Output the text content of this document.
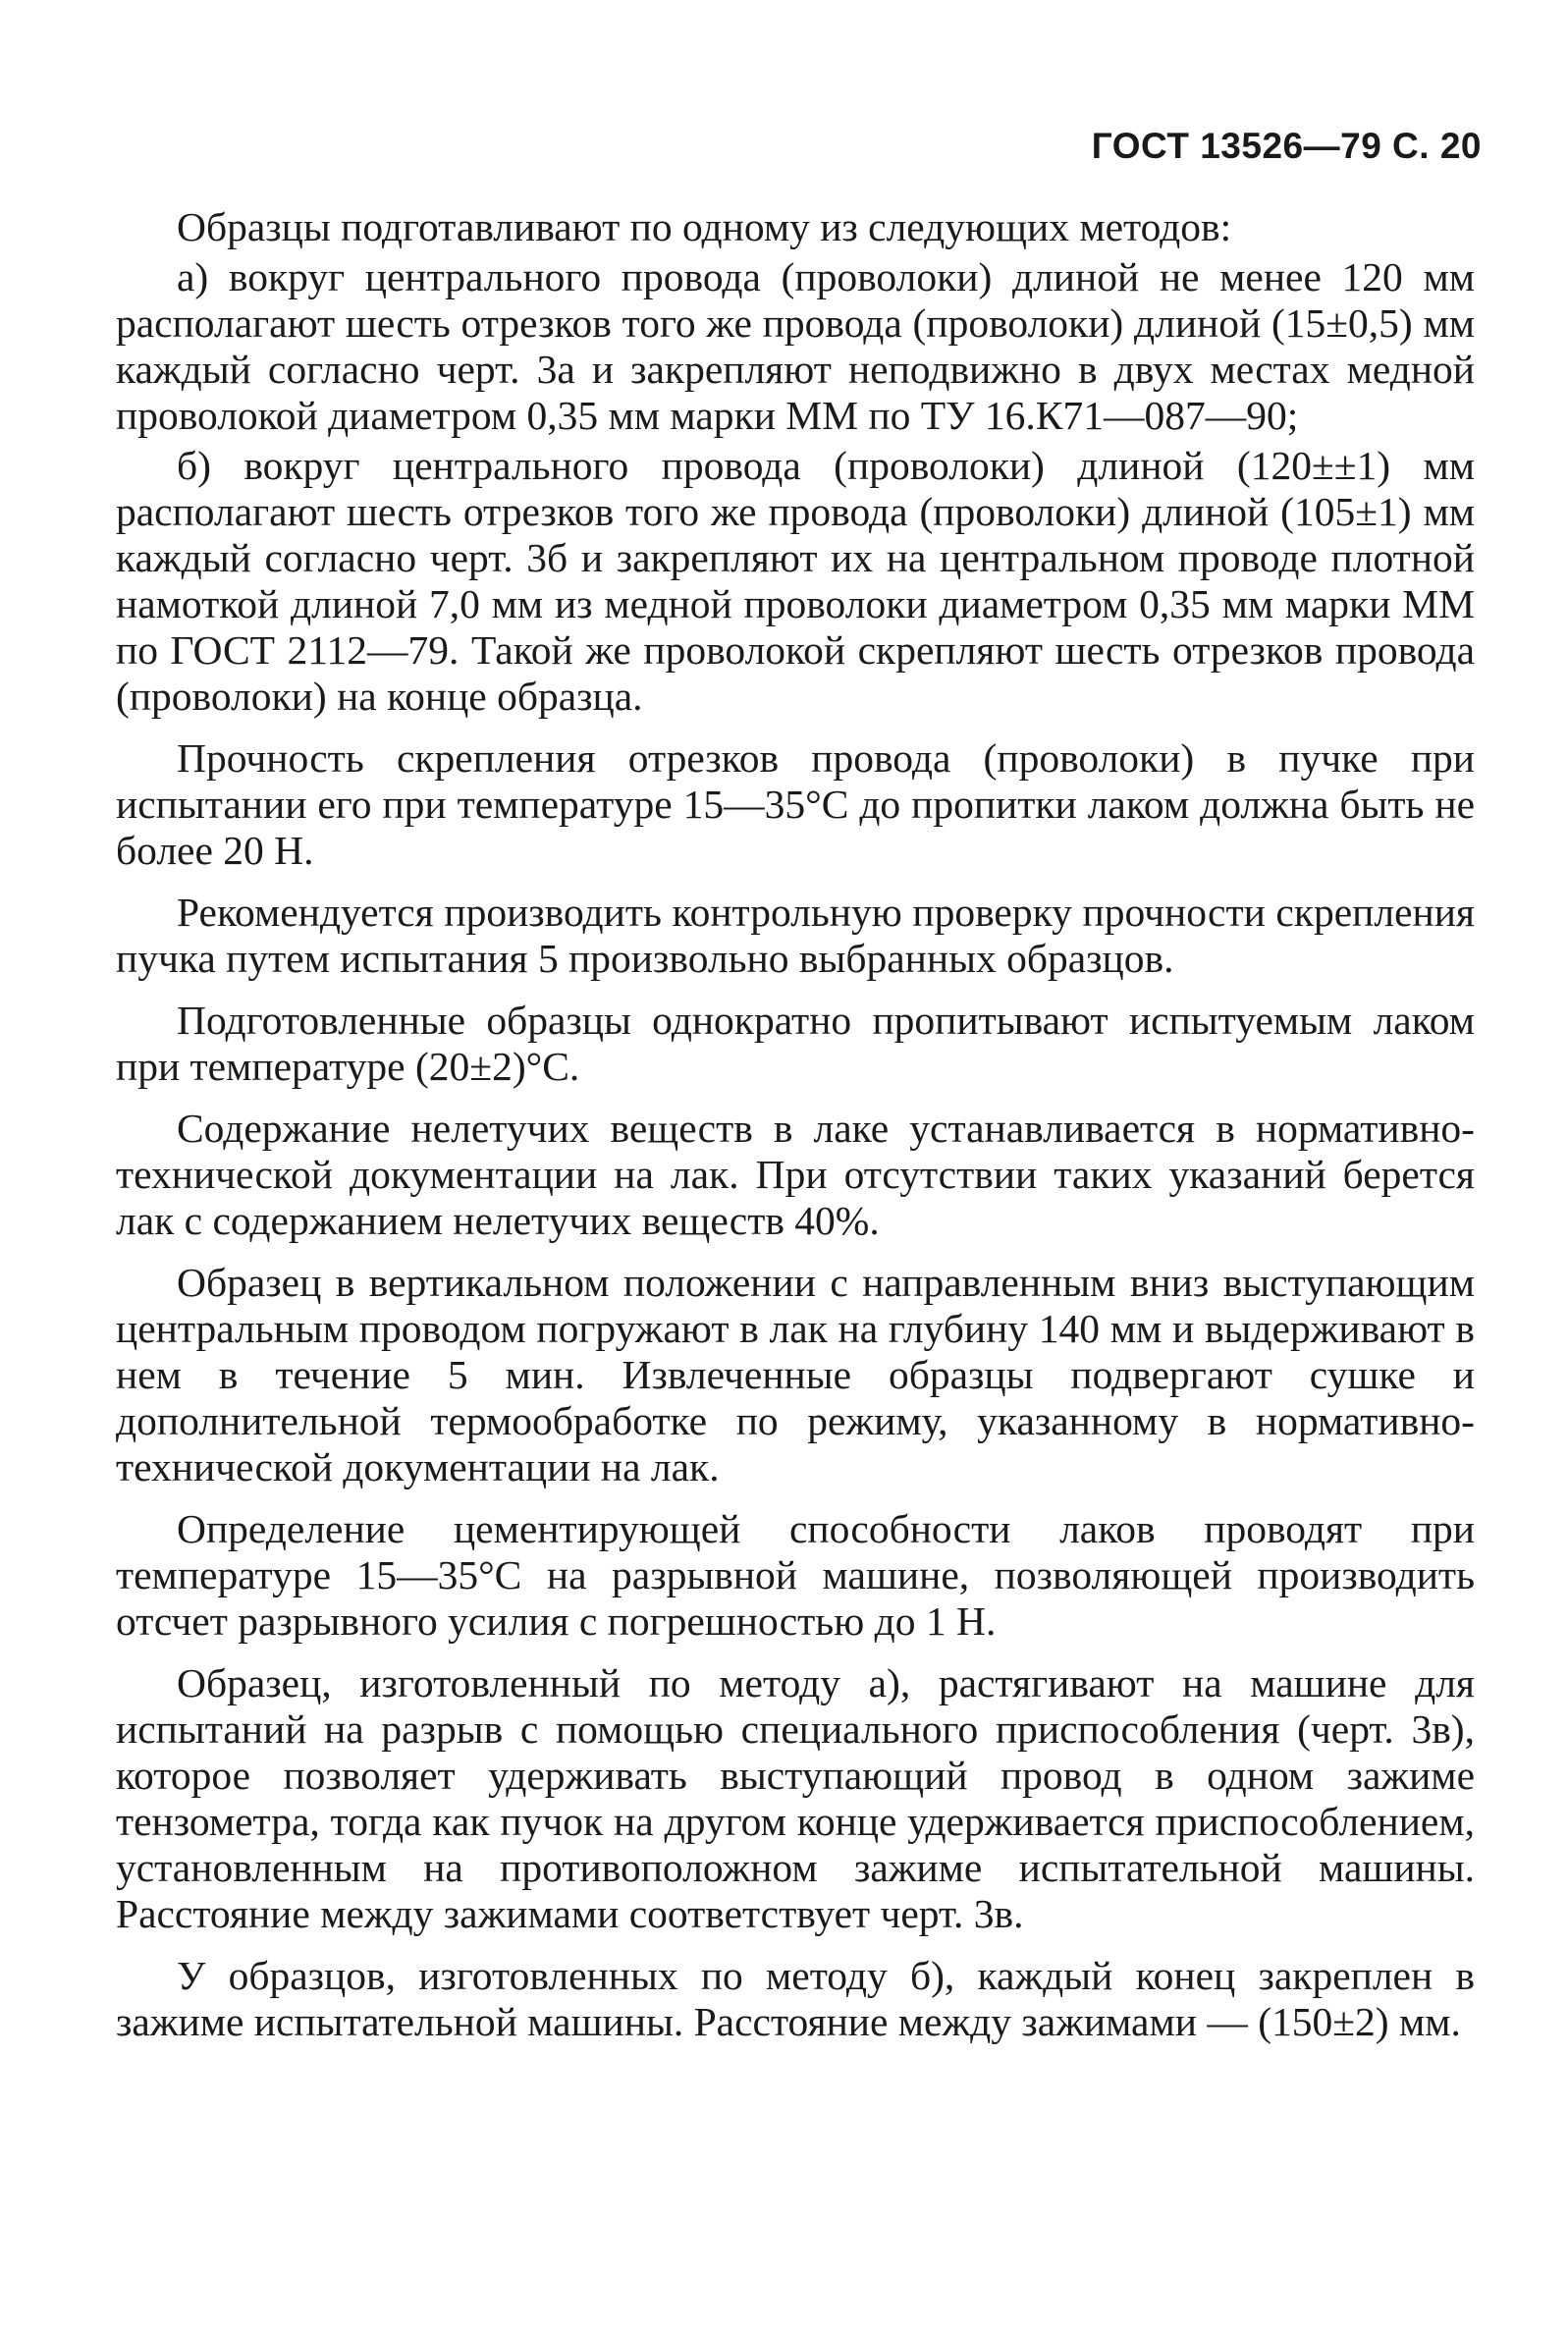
ГОСТ 13526—79 С. 20

Образцы подготавливают по одному из следующих методов:

а) вокруг центрального провода (проволоки) длиной не менее 120 мм располагают шесть отрезков того же провода (проволоки) длиной (15±0,5) мм каждый согласно черт. 3а и закрепляют неподвижно в двух местах медной проволокой диаметром 0,35 мм марки ММ по ТУ 16.К71—087—90;

б) вокруг центрального провода (проволоки) длиной (120±±1) мм располагают шесть отрезков того же провода (проволоки) длиной (105±1) мм каждый согласно черт. 3б и закрепляют их на центральном проводе плотной намоткой длиной 7,0 мм из медной проволоки диаметром 0,35 мм марки ММ по ГОСТ 2112—79. Такой же проволокой скрепляют шесть отрезков провода (проволоки) на конце образца.

Прочность скрепления отрезков провода (проволоки) в пучке при испытании его при температуре 15—35°С до пропитки лаком должна быть не более 20 Н.

Рекомендуется производить контрольную проверку прочности скрепления пучка путем испытания 5 произвольно выбранных образцов.

Подготовленные образцы однократно пропитывают испытуемым лаком при температуре (20±2)°С.

Содержание нелетучих веществ в лаке устанавливается в нормативно-технической документации на лак. При отсутствии таких указаний берется лак с содержанием нелетучих веществ 40%.

Образец в вертикальном положении с направленным вниз выступающим центральным проводом погружают в лак на глубину 140 мм и выдерживают в нем в течение 5 мин. Извлеченные образцы подвергают сушке и дополнительной термообработке по режиму, указанному в нормативно-технической документации на лак.

Определение цементирующей способности лаков проводят при температуре 15—35°С на разрывной машине, позволяющей производить отсчет разрывного усилия с погрешностью до 1 Н.

Образец, изготовленный по методу а), растягивают на машине для испытаний на разрыв с помощью специального приспособления (черт. 3в), которое позволяет удерживать выступающий провод в одном зажиме тензометра, тогда как пучок на другом конце удерживается приспособлением, установленным на противоположном зажиме испытательной машины. Расстояние между зажимами соответствует черт. 3в.

У образцов, изготовленных по методу б), каждый конец закреплен в зажиме испытательной машины. Расстояние между зажимами — (150±2) мм.
